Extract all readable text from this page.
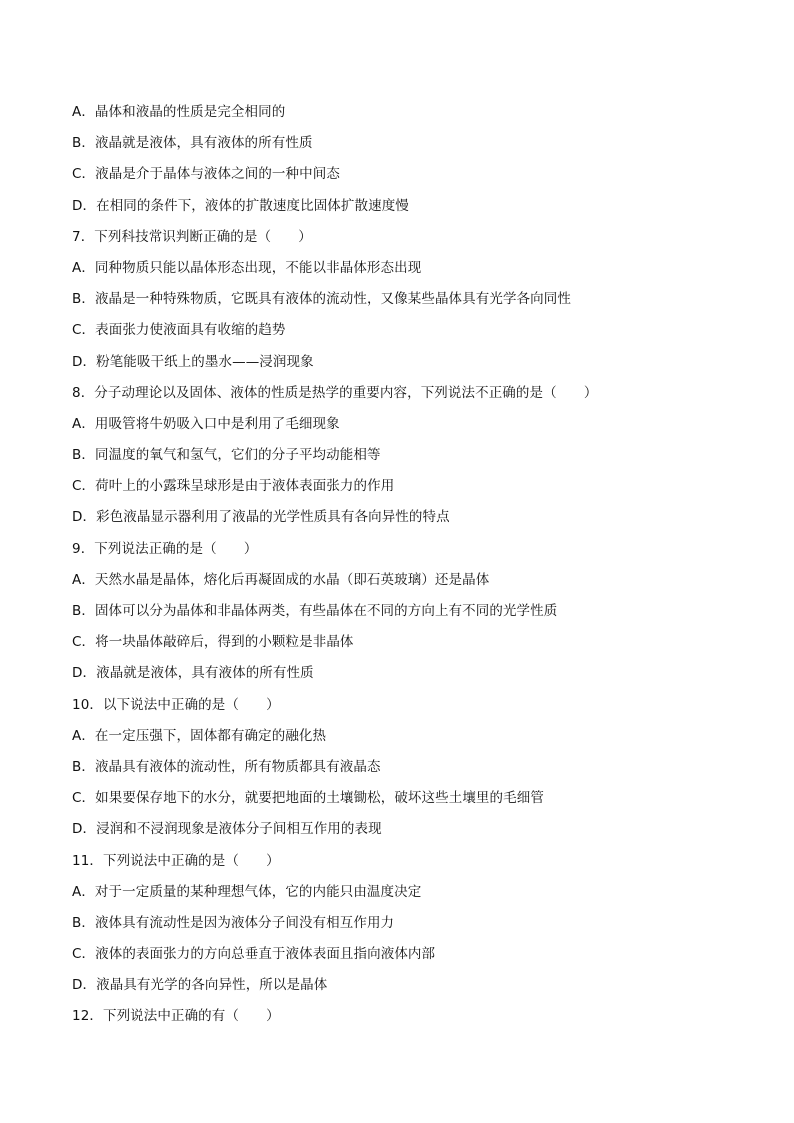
A．晶体和液晶的性质是完全相同的
B．液晶就是液体，具有液体的所有性质
C．液晶是介于晶体与液体之间的一种中间态
D．在相同的条件下，液体的扩散速度比固体扩散速度慢
7．下列科技常识判断正确的是（　　）
A．同种物质只能以晶体形态出现，不能以非晶体形态出现
B．液晶是一种特殊物质，它既具有液体的流动性，又像某些晶体具有光学各向同性
C．表面张力使液面具有收缩的趋势
D．粉笔能吸干纸上的墨水——浸润现象
8．分子动理论以及固体、液体的性质是热学的重要内容，下列说法不正确的是（　　）
A．用吸管将牛奶吸入口中是利用了毛细现象
B．同温度的氧气和氢气，它们的分子平均动能相等
C．荷叶上的小露珠呈球形是由于液体表面张力的作用
D．彩色液晶显示器利用了液晶的光学性质具有各向异性的特点
9．下列说法正确的是（　　）
A．天然水晶是晶体，熔化后再凝固成的水晶（即石英玻璃）还是晶体
B．固体可以分为晶体和非晶体两类，有些晶体在不同的方向上有不同的光学性质
C．将一块晶体敲碎后，得到的小颗粒是非晶体
D．液晶就是液体，具有液体的所有性质
10．以下说法中正确的是（　　）
A．在一定压强下，固体都有确定的融化热
B．液晶具有液体的流动性，所有物质都具有液晶态
C．如果要保存地下的水分，就要把地面的土壤锄松，破坏这些土壤里的毛细管
D．浸润和不浸润现象是液体分子间相互作用的表现
11．下列说法中正确的是（　　）
A．对于一定质量的某种理想气体，它的内能只由温度决定
B．液体具有流动性是因为液体分子间没有相互作用力
C．液体的表面张力的方向总垂直于液体表面且指向液体内部
D．液晶具有光学的各向异性，所以是晶体
12．下列说法中正确的有（　　）
